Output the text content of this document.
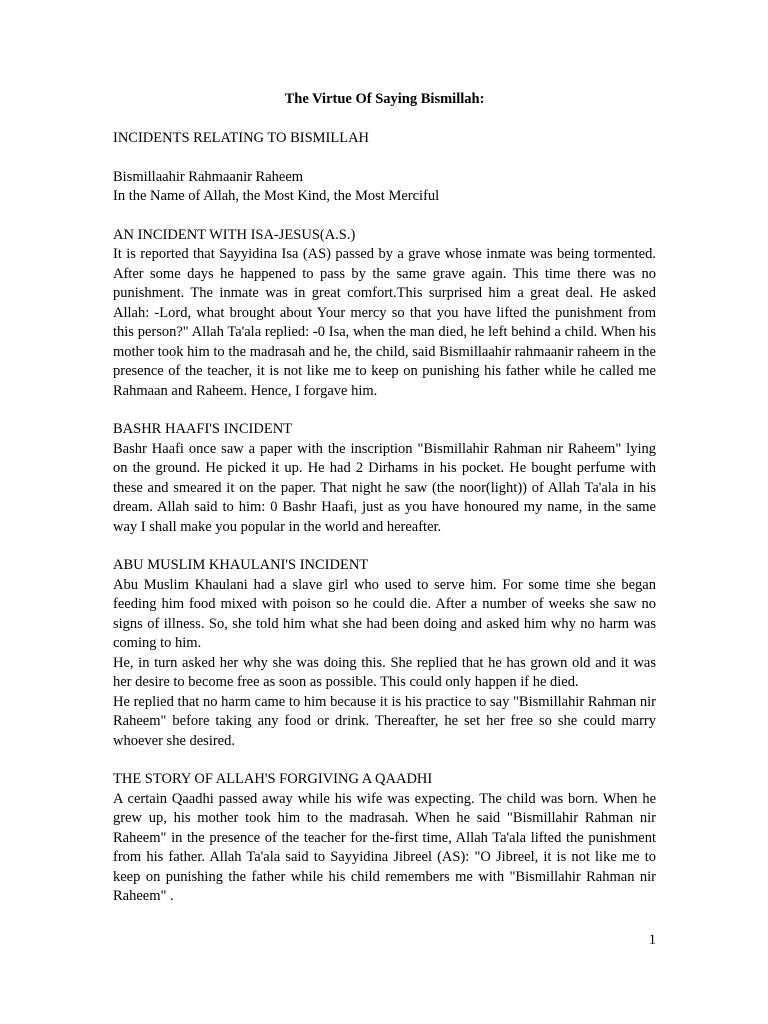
The Virtue Of Saying Bismillah:

INCIDENTS RELATING TO BISMILLAH

Bismillaahir Rahmaanir Raheem

In the Name of Allah, the Most Kind, the Most Merciful

AN INCIDENT WITH ISA-JESUS(A.S.)

It is reported that Sayyidina Isa (AS) passed by a grave whose inmate was being tormented. After some days he happened to pass by the same grave again. This time there was no punishment. The inmate was in great comfort.This surprised him a great deal. He asked Allah: -Lord, what brought about Your mercy so that you have lifted the punishment from this person?" Allah Ta'ala replied: -0 Isa, when the man died, he left behind a child. When his mother took him to the madrasah and he, the child, said Bismillaahir rahmaanir raheem in the presence of the teacher, it is not like me to keep on punishing his father while he called me Rahmaan and Raheem. Hence, I forgave him.

BASHR HAAFI'S INCIDENT

Bashr Haafi once saw a paper with the inscription "Bismillahir Rahman nir Raheem" lying on the ground. He picked it up. He had 2 Dirhams in his pocket. He bought perfume with these and smeared it on the paper. That night he saw (the noor(light)) of Allah Ta'ala in his dream. Allah said to him: 0 Bashr Haafi, just as you have honoured my name, in the same way I shall make you popular in the world and hereafter.

ABU MUSLIM KHAULANI'S INCIDENT

Abu Muslim Khaulani had a slave girl who used to serve him. For some time she began feeding him food mixed with poison so he could die. After a number of weeks she saw no signs of illness. So, she told him what she had been doing and asked him why no harm was coming to him.

He, in turn asked her why she was doing this. She replied that he has grown old and it was her desire to become free as soon as possible. This could only happen if he died.

He replied that no harm came to him because it is his practice to say "Bismillahir Rahman nir Raheem" before taking any food or drink. Thereafter, he set her free so she could marry whoever she desired.

THE STORY OF ALLAH'S FORGIVING A QAADHI

A certain Qaadhi passed away while his wife was expecting. The child was born. When he grew up, his mother took him to the madrasah. When he said "Bismillahir Rahman nir Raheem" in the presence of the teacher for the-first time, Allah Ta'ala lifted the punishment from his father. Allah Ta'ala said to Sayyidina Jibreel (AS): "O Jibreel, it is not like me to keep on punishing the father while his child remembers me with "Bismillahir Rahman nir Raheem" .

1
